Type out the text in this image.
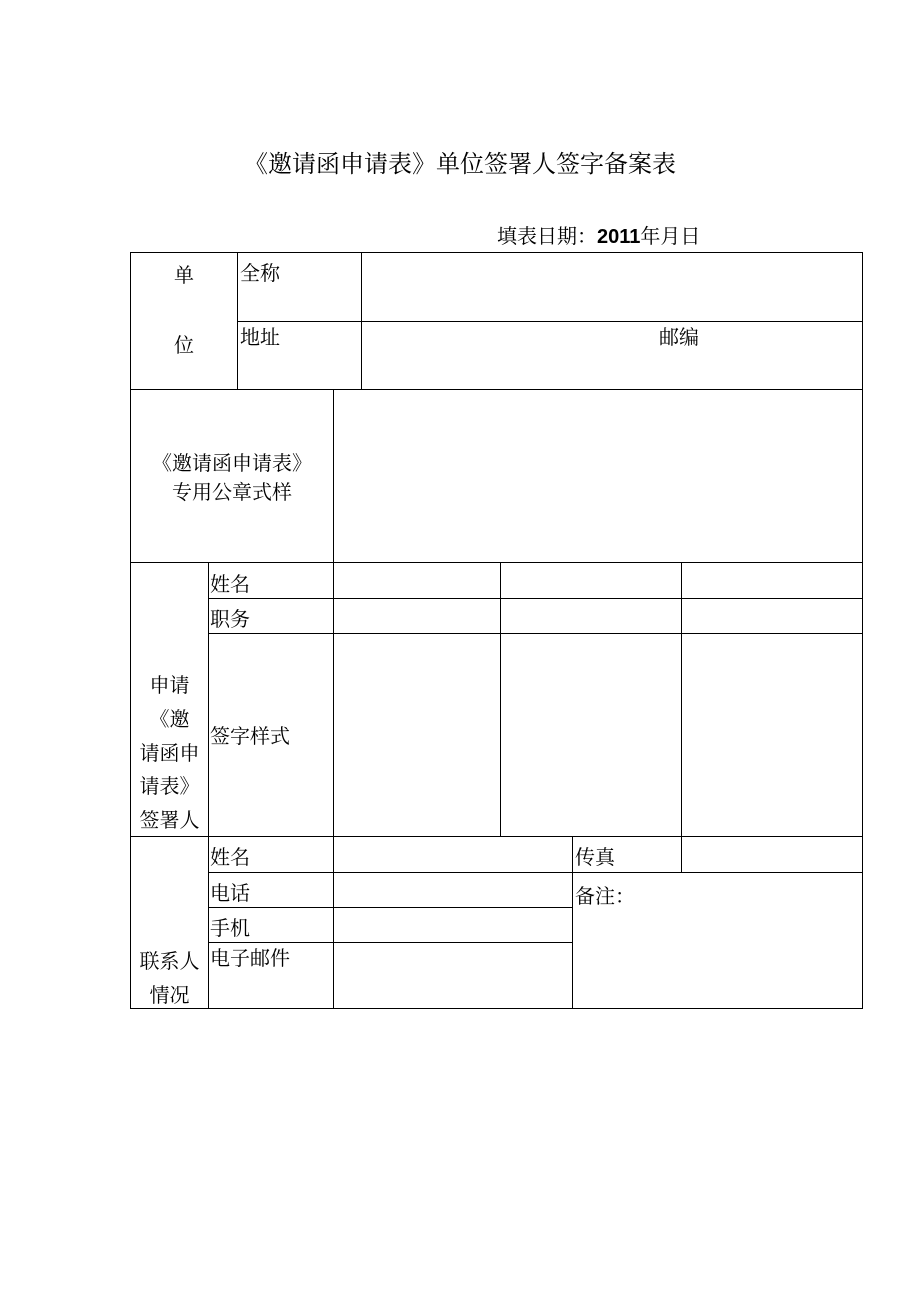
《邀请函申请表》单位签署人签字备案表
填表日期：2011年月日
单
位
全称
地址	邮编
《邀请函申请表》
专用公章式样
申请
《邀
请函申
请表》
签署人
姓名
职务
签字样式
联系人
情况
姓名
电话
手机
电子邮件
传真
备注：
